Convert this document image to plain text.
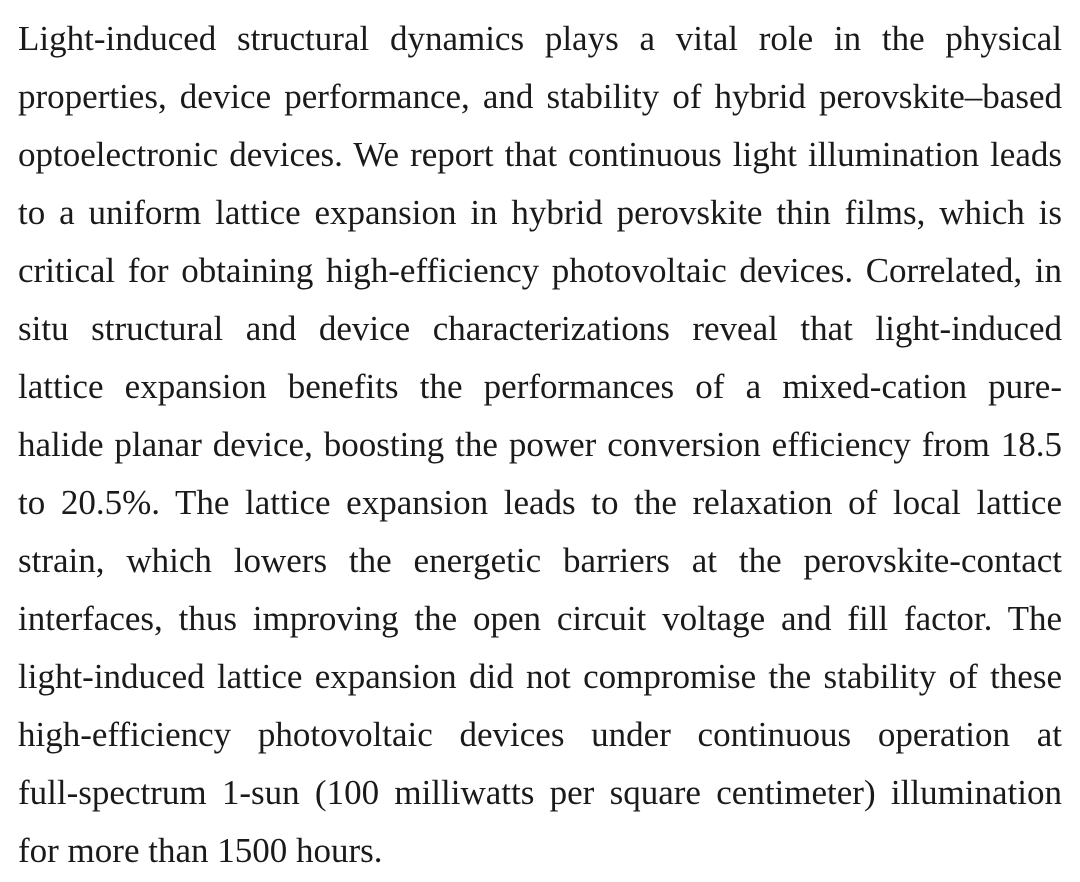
Light-induced structural dynamics plays a vital role in the physical
properties, device performance, and stability of hybrid perovskite–based
optoelectronic devices. We report that continuous light illumination leads
to a uniform lattice expansion in hybrid perovskite thin films, which is
critical for obtaining high-efficiency photovoltaic devices. Correlated, in
situ structural and device characterizations reveal that light-induced
lattice expansion benefits the performances of a mixed-cation pure-
halide planar device, boosting the power conversion efficiency from 18.5
to 20.5%. The lattice expansion leads to the relaxation of local lattice
strain, which lowers the energetic barriers at the perovskite-contact
interfaces, thus improving the open circuit voltage and fill factor. The
light-induced lattice expansion did not compromise the stability of these
high-efficiency photovoltaic devices under continuous operation at
full-spectrum 1-sun (100 milliwatts per square centimeter) illumination
for more than 1500 hours.
